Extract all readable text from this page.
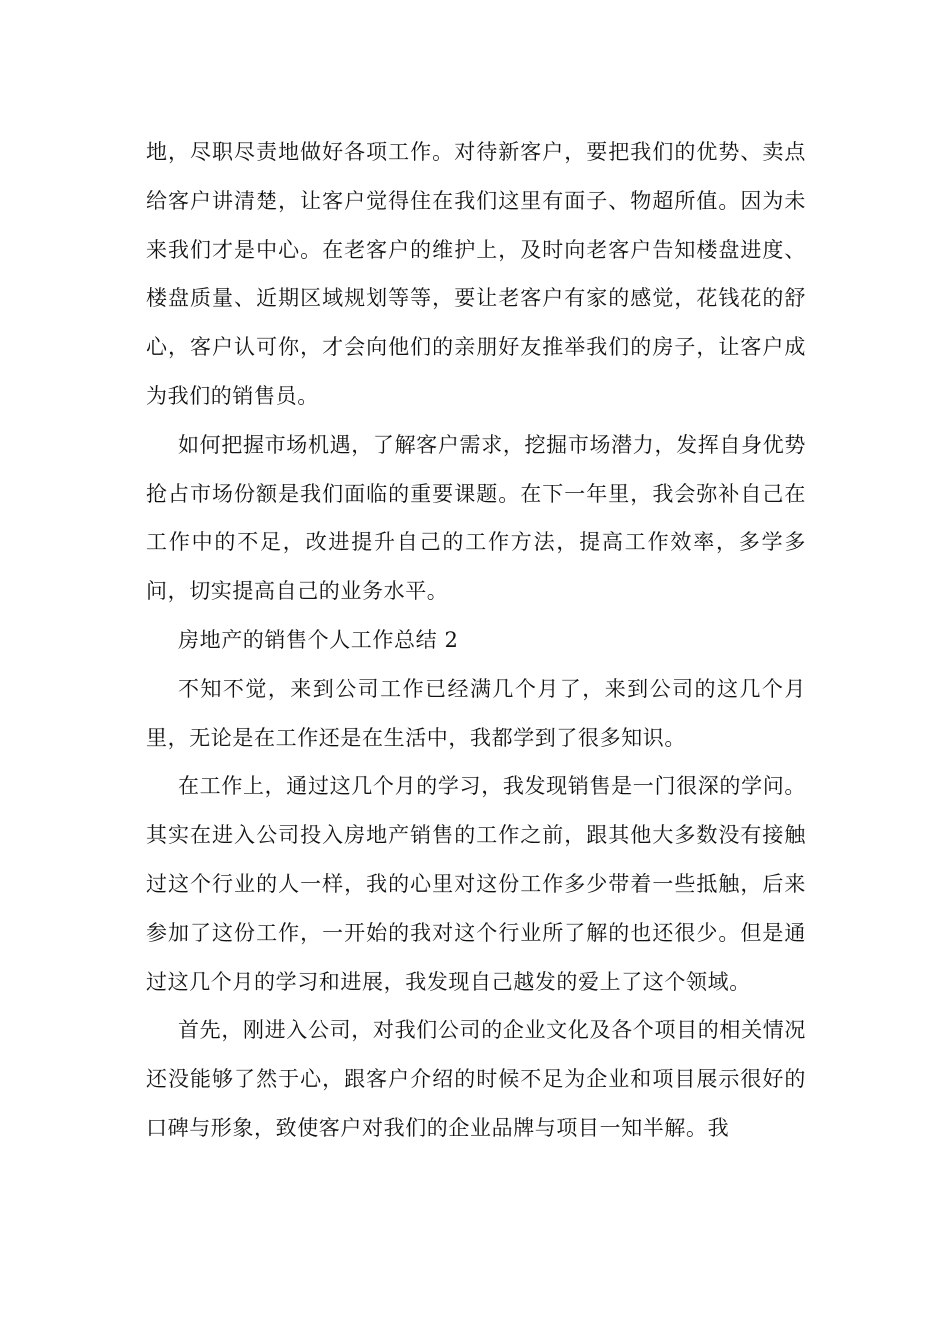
地，尽职尽责地做好各项工作。对待新客户，要把我们的优势、卖点给客户讲清楚，让客户觉得住在我们这里有面子、物超所值。因为未来我们才是中心。在老客户的维护上，及时向老客户告知楼盘进度、楼盘质量、近期区域规划等等，要让老客户有家的感觉，花钱花的舒心，客户认可你，才会向他们的亲朋好友推举我们的房子，让客户成为我们的销售员。

如何把握市场机遇，了解客户需求，挖掘市场潜力，发挥自身优势抢占市场份额是我们面临的重要课题。在下一年里，我会弥补自己在工作中的不足，改进提升自己的工作方法，提高工作效率，多学多问，切实提高自己的业务水平。

房地产的销售个人工作总结 2

不知不觉，来到公司工作已经满几个月了，来到公司的这几个月里，无论是在工作还是在生活中，我都学到了很多知识。

在工作上，通过这几个月的学习，我发现销售是一门很深的学问。其实在进入公司投入房地产销售的工作之前，跟其他大多数没有接触过这个行业的人一样，我的心里对这份工作多少带着一些抵触，后来参加了这份工作，一开始的我对这个行业所了解的也还很少。但是通过这几个月的学习和进展，我发现自己越发的爱上了这个领域。

首先，刚进入公司，对我们公司的企业文化及各个项目的相关情况还没能够了然于心，跟客户介绍的时候不足为企业和项目展示很好的口碑与形象，致使客户对我们的企业品牌与项目一知半解。我
